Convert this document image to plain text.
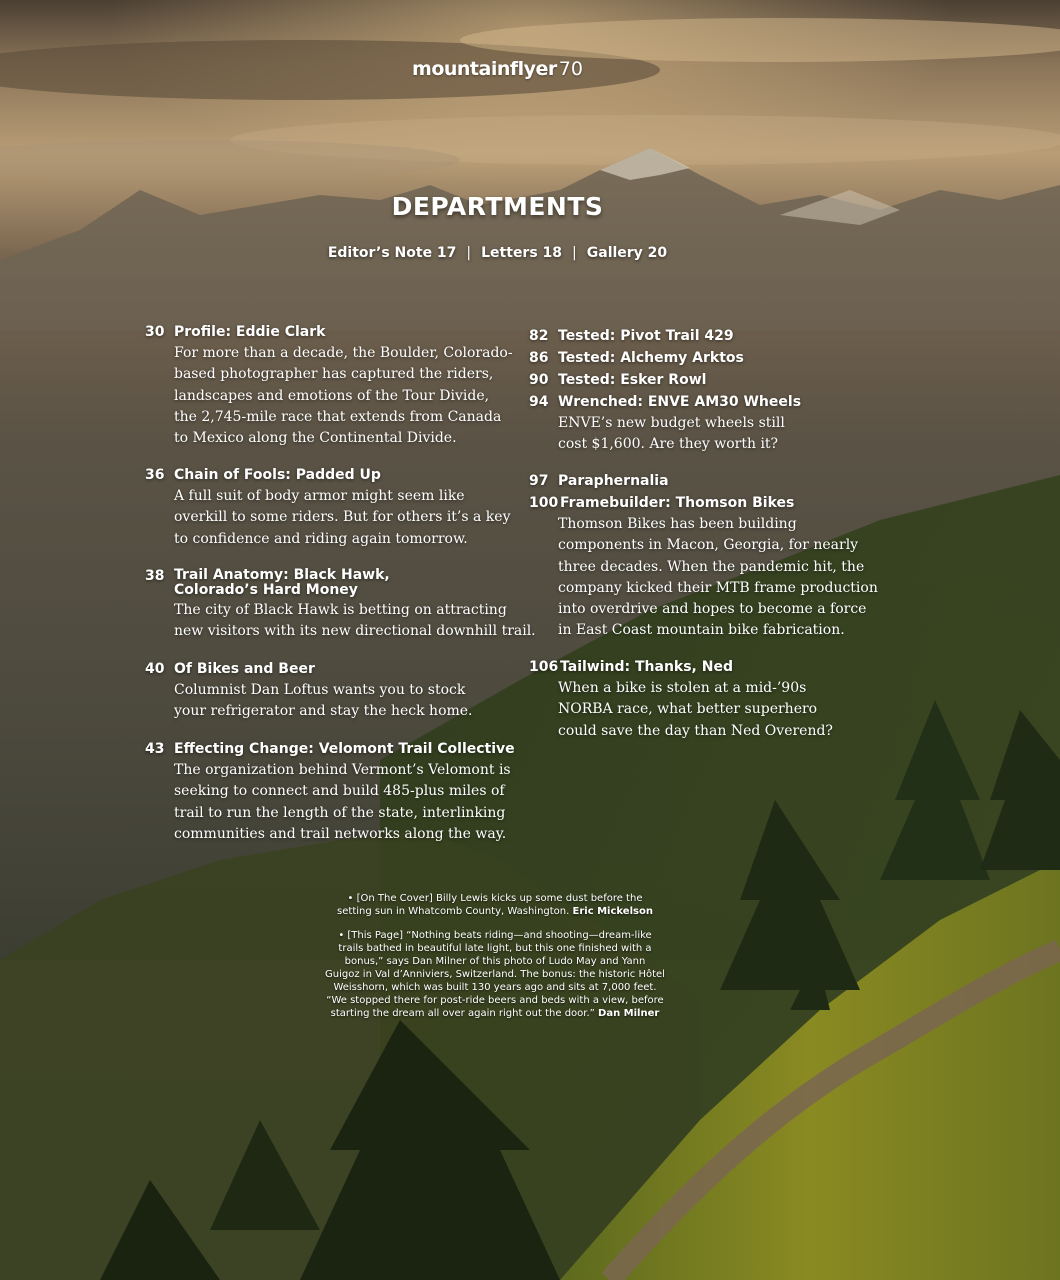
mountainflyer 70
DEPARTMENTS
Editor’s Note 17 | Letters 18 | Gallery 20
30 Profile: Eddie Clark
For more than a decade, the Boulder, Colorado-
based photographer has captured the riders,
landscapes and emotions of the Tour Divide,
the 2,745-mile race that extends from Canada
to Mexico along the Continental Divide.
36 Chain of Fools: Padded Up
A full suit of body armor might seem like
overkill to some riders. But for others it’s a key
to confidence and riding again tomorrow.
38 Trail Anatomy: Black Hawk,
Colorado’s Hard Money
The city of Black Hawk is betting on attracting
new visitors with its new directional downhill trail.
40 Of Bikes and Beer
Columnist Dan Loftus wants you to stock
your refrigerator and stay the heck home.
43 Effecting Change: Velomont Trail Collective
The organization behind Vermont’s Velomont is
seeking to connect and build 485-plus miles of
trail to run the length of the state, interlinking
communities and trail networks along the way.
82 Tested: Pivot Trail 429
86 Tested: Alchemy Arktos
90 Tested: Esker Rowl
94 Wrenched: ENVE AM30 Wheels
ENVE’s new budget wheels still
cost $1,600. Are they worth it?
97 Paraphernalia
100 Framebuilder: Thomson Bikes
Thomson Bikes has been building
components in Macon, Georgia, for nearly
three decades. When the pandemic hit, the
company kicked their MTB frame production
into overdrive and hopes to become a force
in East Coast mountain bike fabrication.
106 Tailwind: Thanks, Ned
When a bike is stolen at a mid-’90s
NORBA race, what better superhero
could save the day than Ned Overend?
• [On The Cover] Billy Lewis kicks up some dust before the
setting sun in Whatcomb County, Washington. Eric Mickelson
• [This Page] “Nothing beats riding—and shooting—dream-like
trails bathed in beautiful late light, but this one finished with a
bonus,” says Dan Milner of this photo of Ludo May and Yann
Guigoz in Val d’Anniviers, Switzerland. The bonus: the historic Hôtel
Weisshorn, which was built 130 years ago and sits at 7,000 feet.
“We stopped there for post-ride beers and beds with a view, before
starting the dream all over again right out the door.” Dan Milner
